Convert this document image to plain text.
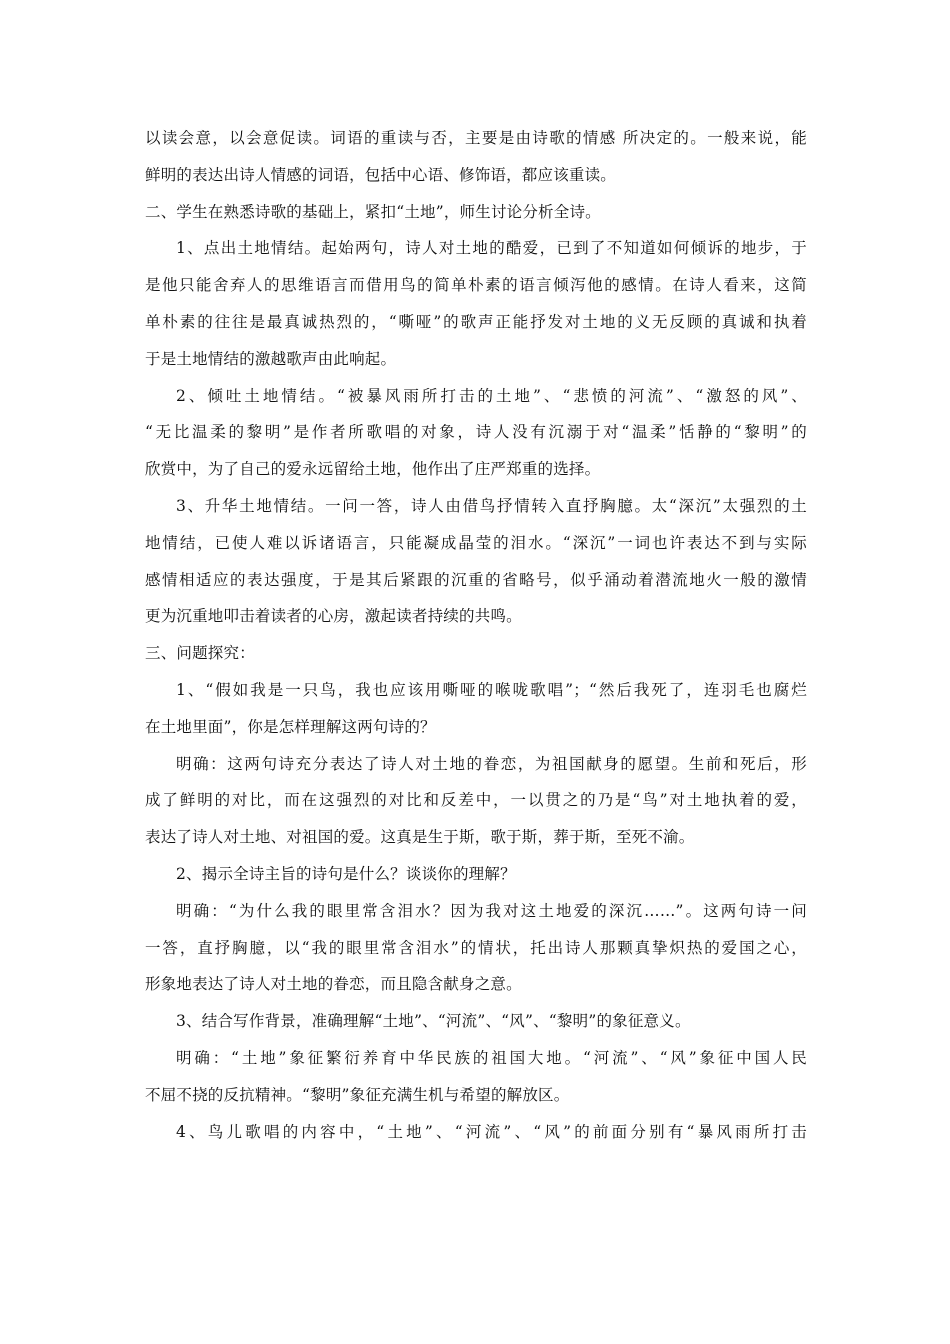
以读会意，以会意促读。词语的重读与否，主要是由诗歌的情感 所决定的。一般来说，能
鲜明的表达出诗人情感的词语，包括中心语、修饰语，都应该重读。
二、学生在熟悉诗歌的基础上，紧扣“土地”，师生讨论分析全诗。
1、点出土地情结。起始两句，诗人对土地的酷爱，已到了不知道如何倾诉的地步，于
是他只能舍弃人的思维语言而借用鸟的简单朴素的语言倾泻他的感情。在诗人看来，这简
单朴素的往往是最真诚热烈的，“嘶哑”的歌声正能抒发对土地的义无反顾的真诚和执着
于是土地情结的激越歌声由此响起。
2、倾吐土地情结。“被暴风雨所打击的土地”、“悲愤的河流”、“激怒的风”、
“无比温柔的黎明”是作者所歌唱的对象，诗人没有沉溺于对“温柔”恬静的“黎明”的
欣赏中，为了自己的爱永远留给土地，他作出了庄严郑重的选择。
3、升华土地情结。一问一答，诗人由借鸟抒情转入直抒胸臆。太“深沉”太强烈的土
地情结，已使人难以诉诸语言，只能凝成晶莹的泪水。“深沉”一词也许表达不到与实际
感情相适应的表达强度，于是其后紧跟的沉重的省略号，似乎涌动着潜流地火一般的激情
更为沉重地叩击着读者的心房，激起读者持续的共鸣。
三、问题探究：
1、“假如我是一只鸟，我也应该用嘶哑的喉咙歌唱”；“然后我死了，连羽毛也腐烂
在土地里面”，你是怎样理解这两句诗的？
明确：这两句诗充分表达了诗人对土地的眷恋，为祖国献身的愿望。生前和死后，形
成了鲜明的对比，而在这强烈的对比和反差中，一以贯之的乃是“鸟”对土地执着的爱，
表达了诗人对土地、对祖国的爱。这真是生于斯，歌于斯，葬于斯，至死不渝。
2、揭示全诗主旨的诗句是什么？谈谈你的理解？
明确：“为什么我的眼里常含泪水？因为我对这土地爱的深沉……”。这两句诗一问
一答，直抒胸臆，以“我的眼里常含泪水”的情状，托出诗人那颗真挚炽热的爱国之心，
形象地表达了诗人对土地的眷恋，而且隐含献身之意。
3、结合写作背景，准确理解“土地”、“河流”、“风”、“黎明”的象征意义。
明确：“土地”象征繁衍养育中华民族的祖国大地。“河流”、“风”象征中国人民
不屈不挠的反抗精神。“黎明”象征充满生机与希望的解放区。
4、鸟儿歌唱的内容中，“土地”、“河流”、“风”的前面分别有“暴风雨所打击
